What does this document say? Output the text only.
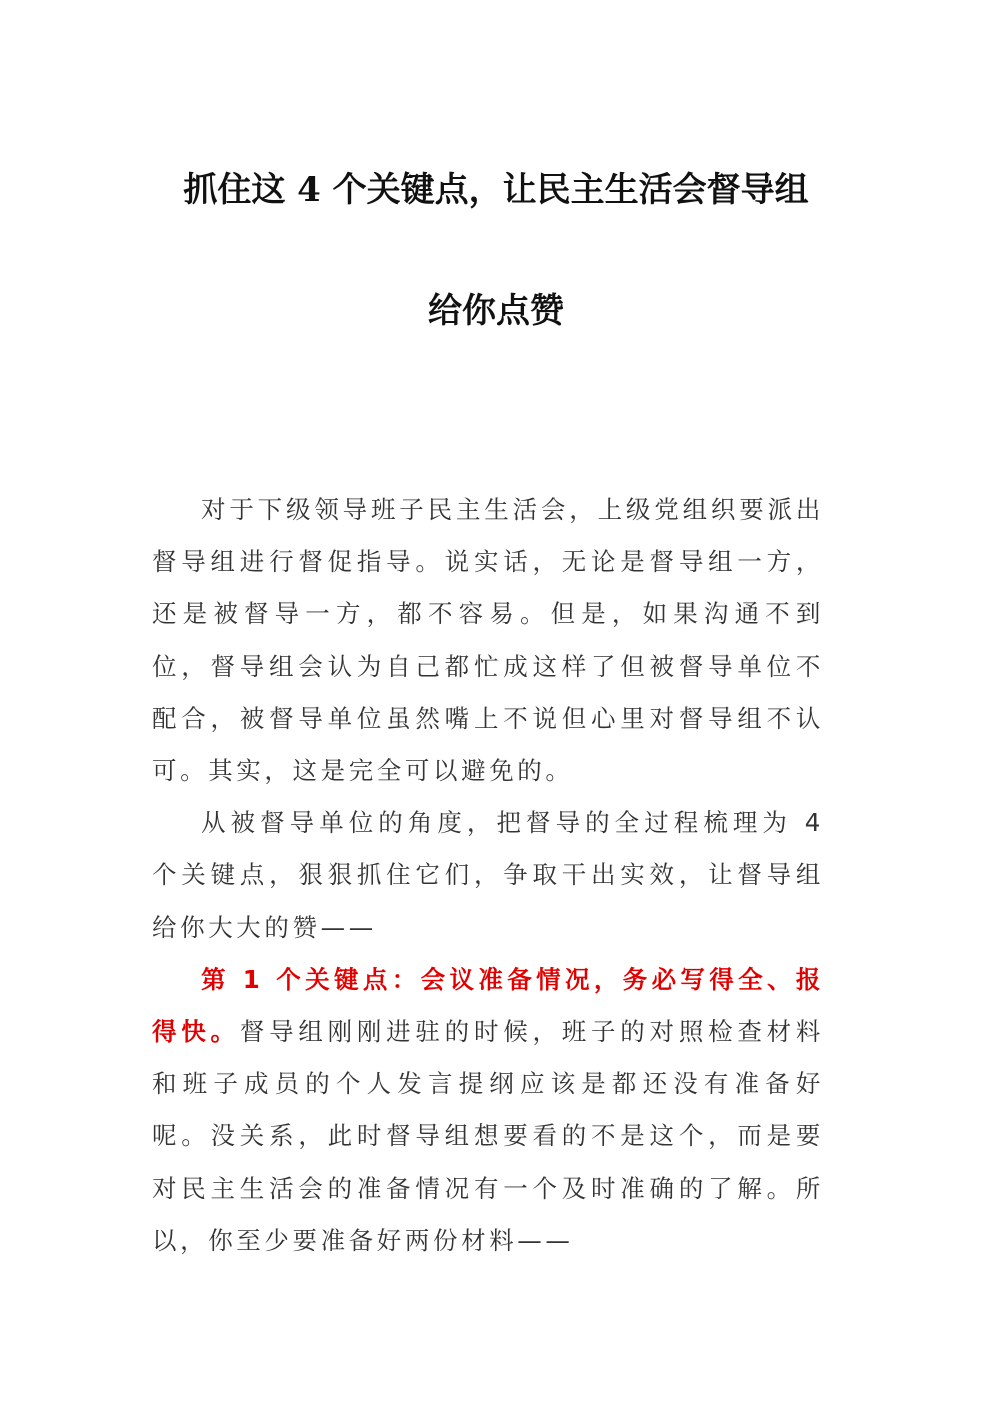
抓住这 4 个关键点，让民主生活会督导组
给你点赞

对于下级领导班子民主生活会，上级党组织要派出督导组进行督促指导。说实话，无论是督导组一方，还是被督导一方，都不容易。但是，如果沟通不到位，督导组会认为自己都忙成这样了但被督导单位不配合，被督导单位虽然嘴上不说但心里对督导组不认可。其实，这是完全可以避免的。

从被督导单位的角度，把督导的全过程梳理为 4 个关键点，狠狠抓住它们，争取干出实效，让督导组给你大大的赞——

第 1 个关键点：会议准备情况，务必写得全、报得快。督导组刚刚进驻的时候，班子的对照检查材料和班子成员的个人发言提纲应该是都还没有准备好呢。没关系，此时督导组想要看的不是这个，而是要对民主生活会的准备情况有一个及时准确的了解。所以，你至少要准备好两份材料——
